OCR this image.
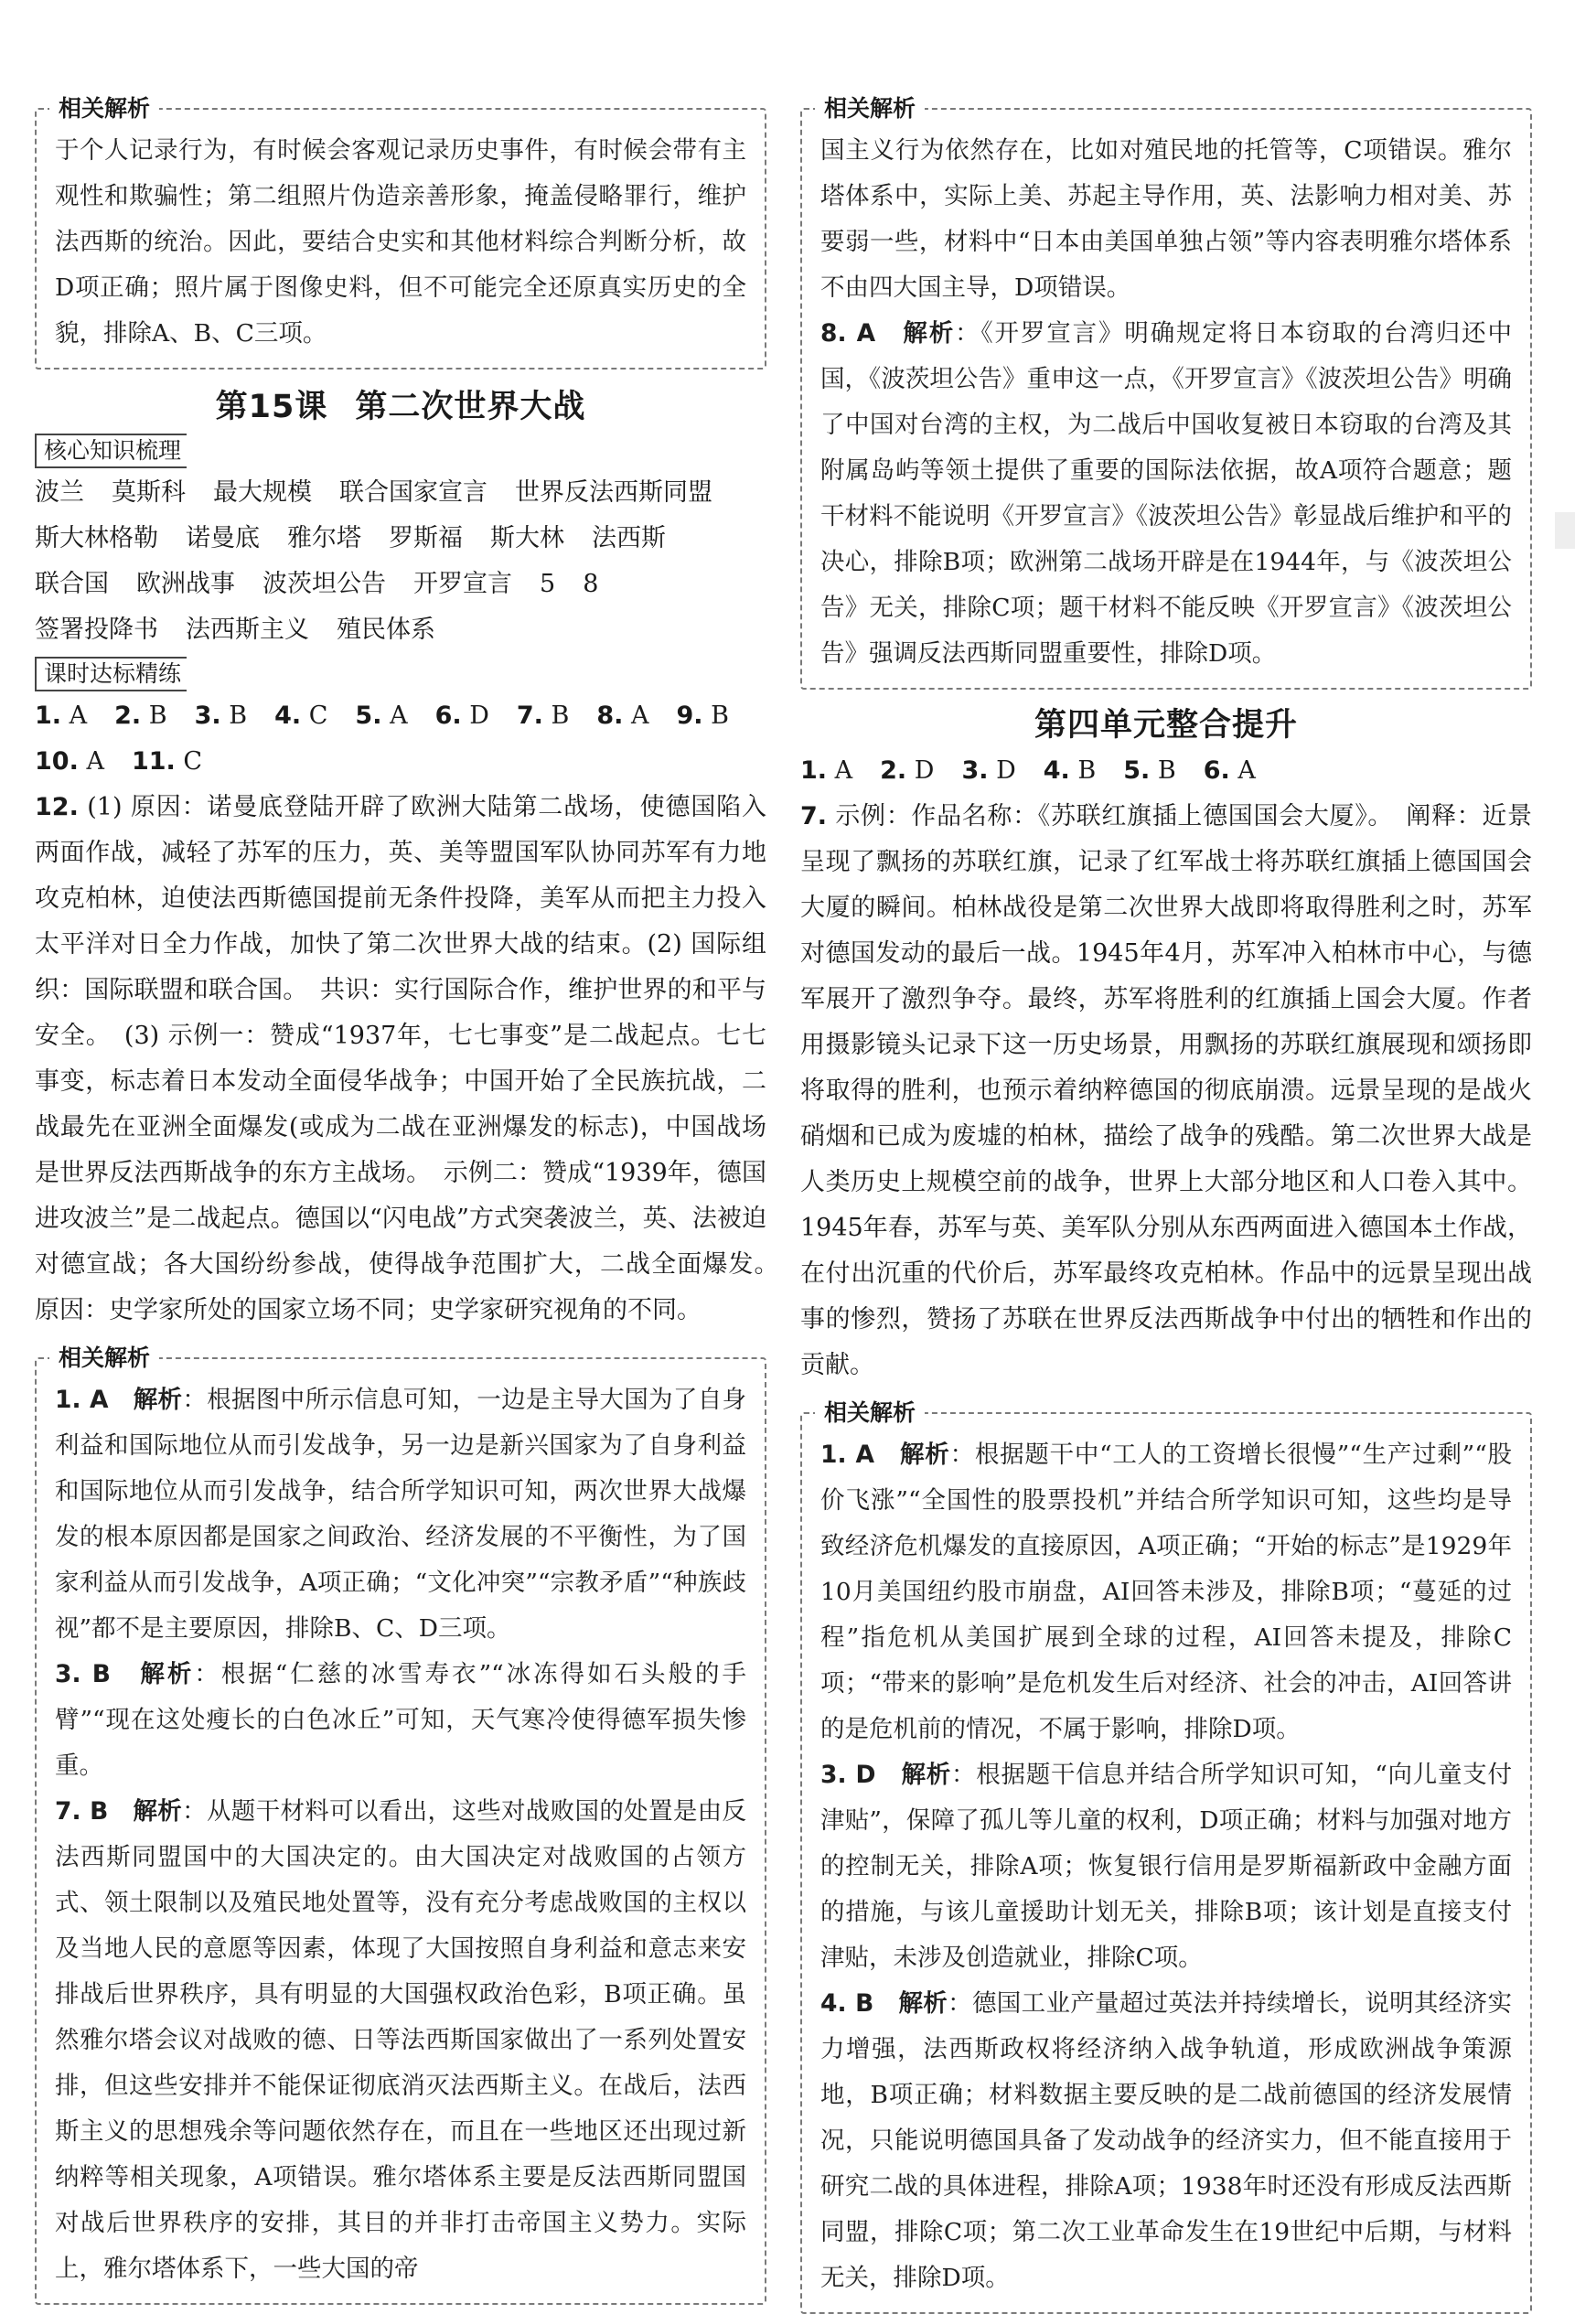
相关解析

于个人记录行为，有时候会客观记录历史事件，有时候会带有主观性和欺骗性；第二组照片伪造亲善形象，掩盖侵略罪行，维护法西斯的统治。因此，要结合史实和其他材料综合判断分析，故D项正确；照片属于图像史料，但不可能完全还原真实历史的全貌，排除A、B、C三项。

第15课 第二次世界大战
核心知识梳理
波兰 莫斯科 最大规模 联合国家宣言 世界反法西斯同盟斯大林格勒 诺曼底 雅尔塔 罗斯福 斯大林 法西斯联合国 欧洲战事 波茨坦公告 开罗宣言 5 8签署投降书 法西斯主义 殖民体系
课时达标精练
1. A 2. B 3. B 4. C 5. A 6. D 7. B 8. A 9. B10. A 11. C

12. (1) 原因：诺曼底登陆开辟了欧洲大陆第二战场，使德国陷入两面作战，减轻了苏军的压力，英、美等盟国军队协同苏军有力地攻克柏林，迫使法西斯德国提前无条件投降，美军从而把主力投入太平洋对日全力作战，加快了第二次世界大战的结束。(2) 国际组织：国际联盟和联合国。　共识：实行国际合作，维护世界的和平与安全。　(3) 示例一：赞成“1937年，七七事变”是二战起点。七七事变，标志着日本发动全面侵华战争；中国开始了全民族抗战，二战最先在亚洲全面爆发(或成为二战在亚洲爆发的标志)，中国战场是世界反法西斯战争的东方主战场。　示例二：赞成“1939年，德国进攻波兰”是二战起点。德国以“闪电战”方式突袭波兰，英、法被迫对德宣战；各大国纷纷参战，使得战争范围扩大，二战全面爆发。　原因：史学家所处的国家立场不同；史学家研究视角的不同。

相关解析

1. A　 解析：根据图中所示信息可知，一边是主导大国为了自身利益和国际地位从而引发战争，另一边是新兴国家为了自身利益和国际地位从而引发战争，结合所学知识可知，两次世界大战爆发的根本原因都是国家之间政治、经济发展的不平衡性，为了国家利益从而引发战争，A项正确；“文化冲突”“宗教矛盾”“种族歧视”都不是主要原因，排除B、C、D三项。

3. B　 解析：根据“仁慈的冰雪寿衣”“冰冻得如石头般的手臂”“现在这处瘦长的白色冰丘”可知，天气寒冷使得德军损失惨重。

7. B　 解析：从题干材料可以看出，这些对战败国的处置是由反法西斯同盟国中的大国决定的。由大国决定对战败国的占领方式、领土限制以及殖民地处置等，没有充分考虑战败国的主权以及当地人民的意愿等因素，体现了大国按照自身利益和意志来安排战后世界秩序，具有明显的大国强权政治色彩，B项正确。虽然雅尔塔会议对战败的德、日等法西斯国家做出了一系列处置安排，但这些安排并不能保证彻底消灭法西斯主义。在战后，法西斯主义的思想残余等问题依然存在，而且在一些地区还出现过新纳粹等相关现象，A项错误。雅尔塔体系主要是反法西斯同盟国对战后世界秩序的安排，其目的并非打击帝国主义势力。实际上，雅尔塔体系下，一些大国的帝

相关解析

国主义行为依然存在，比如对殖民地的托管等，C项错误。雅尔塔体系中，实际上美、苏起主导作用，英、法影响力相对美、苏要弱一些，材料中“日本由美国单独占领”等内容表明雅尔塔体系不由四大国主导，D项错误。

8. A　 解析：《开罗宣言》明确规定将日本窃取的台湾归还中国，《波茨坦公告》重申这一点，《开罗宣言》《波茨坦公告》明确了中国对台湾的主权，为二战后中国收复被日本窃取的台湾及其附属岛屿等领土提供了重要的国际法依据，故A项符合题意；题干材料不能说明《开罗宣言》《波茨坦公告》彰显战后维护和平的决心，排除B项；欧洲第二战场开辟是在1944年，与《波茨坦公告》无关，排除C项；题干材料不能反映《开罗宣言》《波茨坦公告》强调反法西斯同盟重要性，排除D项。

第四单元整合提升
1. A 2. D 3. D 4. B 5. B 6. A

7. 示例：作品名称：《苏联红旗插上德国国会大厦》。　阐释：近景呈现了飘扬的苏联红旗，记录了红军战士将苏联红旗插上德国国会大厦的瞬间。柏林战役是第二次世界大战即将取得胜利之时，苏军对德国发动的最后一战。1945年4月，苏军冲入柏林市中心，与德军展开了激烈争夺。最终，苏军将胜利的红旗插上国会大厦。作者用摄影镜头记录下这一历史场景，用飘扬的苏联红旗展现和颂扬即将取得的胜利，也预示着纳粹德国的彻底崩溃。远景呈现的是战火硝烟和已成为废墟的柏林，描绘了战争的残酷。第二次世界大战是人类历史上规模空前的战争，世界上大部分地区和人口卷入其中。1945年春，苏军与英、美军队分别从东西两面进入德国本土作战，在付出沉重的代价后，苏军最终攻克柏林。作品中的远景呈现出战事的惨烈，赞扬了苏联在世界反法西斯战争中付出的牺牲和作出的贡献。

相关解析

1. A　 解析：根据题干中“工人的工资增长很慢”“生产过剩”“股价飞涨”“全国性的股票投机”并结合所学知识可知，这些均是导致经济危机爆发的直接原因，A项正确；“开始的标志”是1929年10月美国纽约股市崩盘，AI回答未涉及，排除B项；“蔓延的过程”指危机从美国扩展到全球的过程，AI回答未提及，排除C项；“带来的影响”是危机发生后对经济、社会的冲击，AI回答讲的是危机前的情况，不属于影响，排除D项。

3. D　 解析：根据题干信息并结合所学知识可知，“向儿童支付津贴”，保障了孤儿等儿童的权利，D项正确；材料与加强对地方的控制无关，排除A项；恢复银行信用是罗斯福新政中金融方面的措施，与该儿童援助计划无关，排除B项；该计划是直接支付津贴，未涉及创造就业，排除C项。

4. B　 解析：德国工业产量超过英法并持续增长，说明其经济实力增强，法西斯政权将经济纳入战争轨道，形成欧洲战争策源地，B项正确；材料数据主要反映的是二战前德国的经济发展情况，只能说明德国具备了发动战争的经济实力，但不能直接用于研究二战的具体进程，排除A项；1938年时还没有形成反法西斯同盟，排除C项；第二次工业革命发生在19世纪中后期，与材料无关，排除D项。
